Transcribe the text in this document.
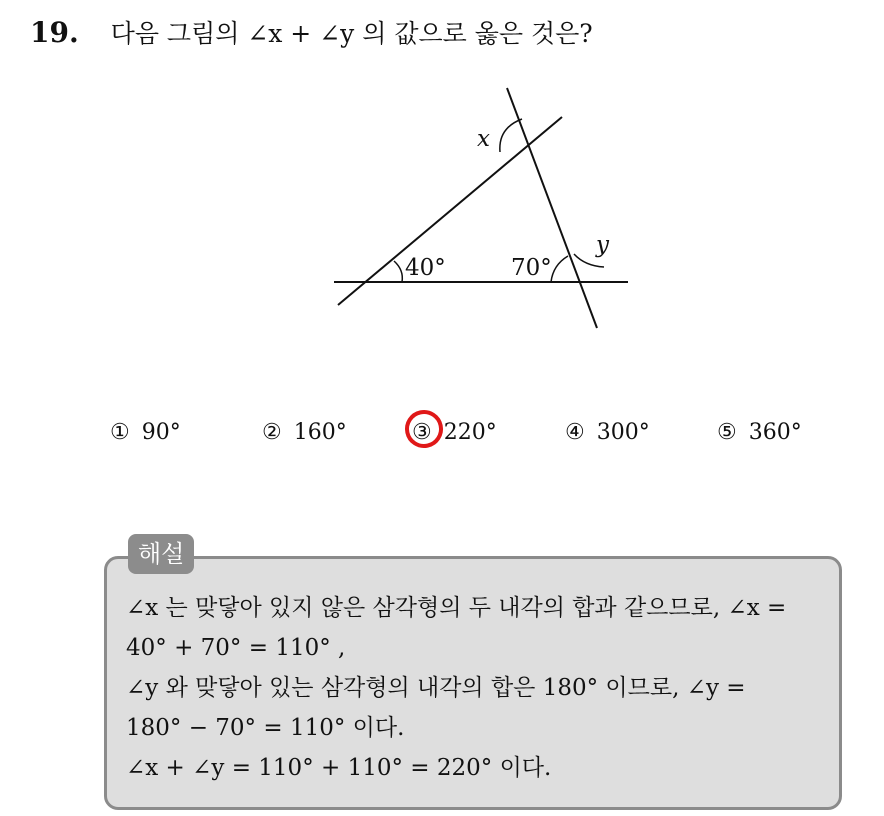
19. 다음 그림의 ∠x + ∠y 의 값으로 옳은 것은?
x
y
40°	70°
① 90°	② 160°	③ 220°	④ 300°	⑤ 360°
해설
∠x 는 맞닿아 있지 않은 삼각형의 두 내각의 합과 같으므로, ∠x =
40° + 70° = 110° ,
∠y 와 맞닿아 있는 삼각형의 내각의 합은 180° 이므로, ∠y =
180° − 70° = 110° 이다.
∠x + ∠y = 110° + 110° = 220° 이다.
